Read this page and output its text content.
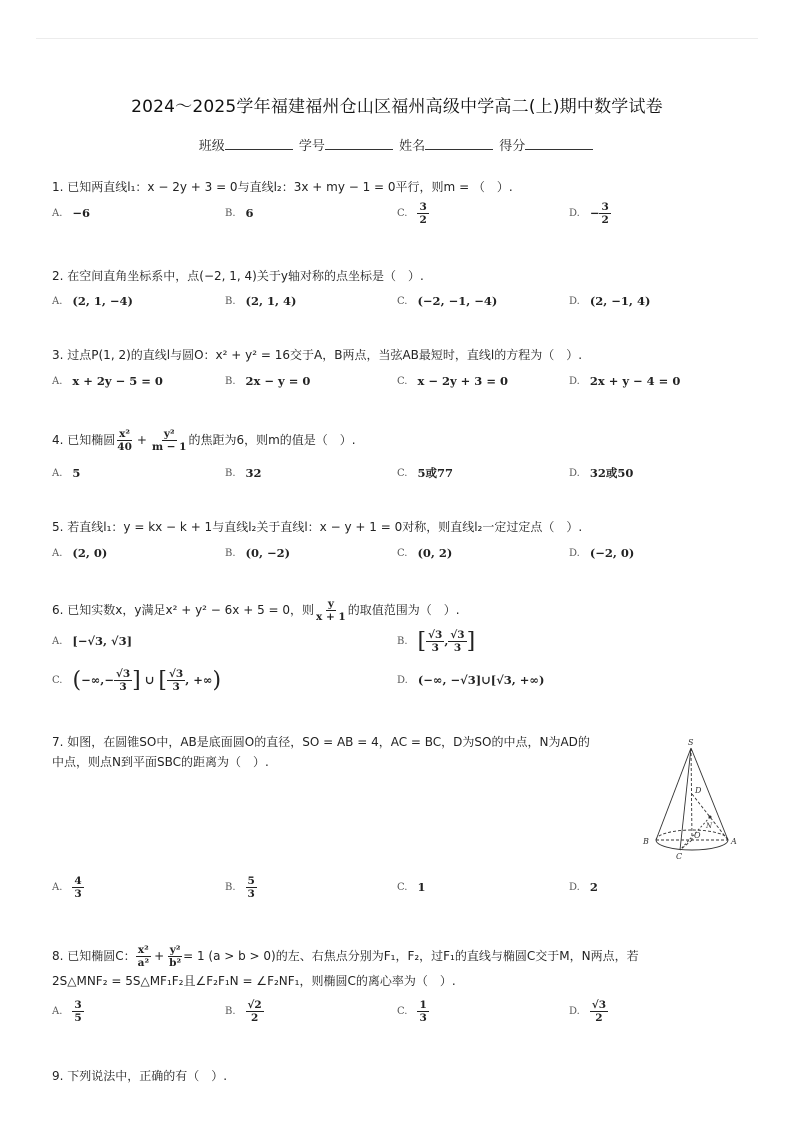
2024～2025学年福建福州仓山区福州高级中学高二(上)期中数学试卷
班级	学号	姓名	得分
1. 已知两直线l₁：x − 2y + 3 = 0与直线l₂：3x + my − 1 = 0平行，则m = （　）.
A. −6	B. 6	C. $\frac{3}{2}$	D. − $\frac{3}{2}$
2. 在空间直角坐标系中，点(−2, 1, 4)关于y轴对称的点坐标是（　）.
A. (2, 1, −4)	B. (2, 1, 4)	C. (−2, −1, −4)	D. (2, −1, 4)
3. 过点P(1, 2)的直线l与圆O：x² + y² = 16交于A，B两点，当弦AB最短时，直线l的方程为（　）.
A. x + 2y − 5 = 0	B. 2x − y = 0	C. x − 2y + 3 = 0	D. 2x + y − 4 = 0
4. 已知椭圆 $\frac{\text{x²}}{40} + \frac{\text{y²}}{m - 1}$ 的焦距为6，则m的值是（　）.
A. 5	B. 32	C. 5或77	D. 32或50
5. 若直线l₁：y = kx − k + 1与直线l₂关于直线l：x − y + 1 = 0对称，则直线l₂一定过定点（　）.
A. (2, 0)	B. (0, −2)	C. (0, 2)	D. (−2, 0)
6. 已知实数x，y满足x² + y² − 6x + 5 = 0，则 $\frac{y}{x + 1}$ 的取值范围为（　）.
A. [−√3, √3]	B. [ $\frac{√3}{3}$ , $\frac{√3}{3}$ ]
C. ( −∞, − $\frac{√3}{3}$ ] ∪ [ $\frac{√3}{3}$ , +∞ )	D. (−∞, −√3]∪[√3, +∞)
7. 如图，在圆锥SO中，AB是底面圆O的直径，SO = AB = 4，AC = BC，D为SO的中点，N为AD的
中点，则点N到平面SBC的距离为（　）.
S
D
N
O
A
B
C
A. $\frac{4}{3}$	B. $\frac{5}{3}$	C. 1	D. 2
8. 已知椭圆C： $\frac{\text{x²}}{\text{a²}} + \frac{\text{y²}}{\text{b²}} = 1$ (a > b > 0)的左、右焦点分别为F₁，F₂，过F₁的直线与椭圆C交于M，N两点，若
2S△MNF₂ = 5S△MF₁F₂且∠F₂F₁N = ∠F₂NF₁，则椭圆C的离心率为（　）.
A. $\frac{3}{5}$	B. $\frac{√2}{2}$	C. $\frac{1}{3}$	D. $\frac{√3}{2}$
9. 下列说法中，正确的有（　）.
